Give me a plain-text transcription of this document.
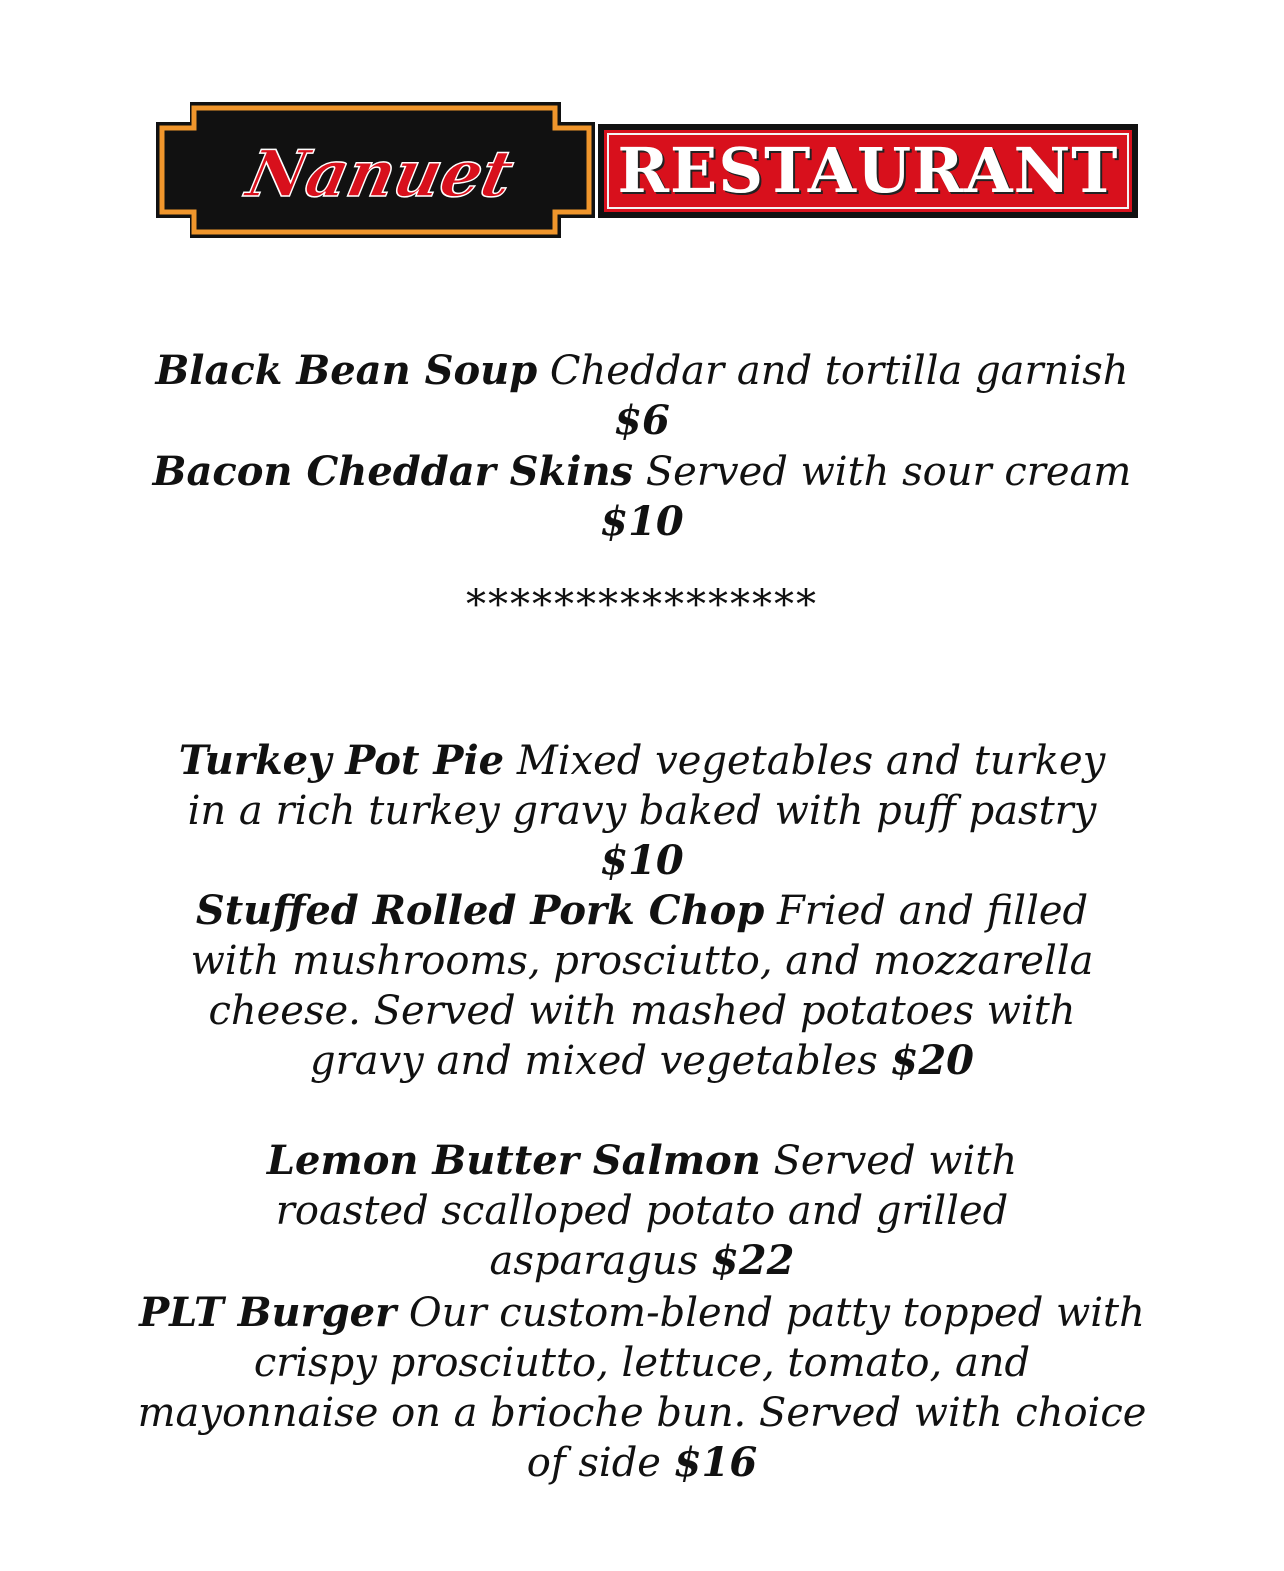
Nanuet RESTAURANT
Black Bean Soup Cheddar and tortilla garnish $6
Bacon Cheddar Skins Served with sour cream $10
****************
Turkey Pot Pie Mixed vegetables and turkey in a rich turkey gravy baked with puff pastry $10
Stuffed Rolled Pork Chop Fried and filled with mushrooms, prosciutto, and mozzarella cheese. Served with mashed potatoes with gravy and mixed vegetables $20
Lemon Butter Salmon Served with roasted scalloped potato and grilled asparagus $22
PLT Burger Our custom-blend patty topped with crispy prosciutto, lettuce, tomato, and mayonnaise on a brioche bun. Served with choice of side $16
